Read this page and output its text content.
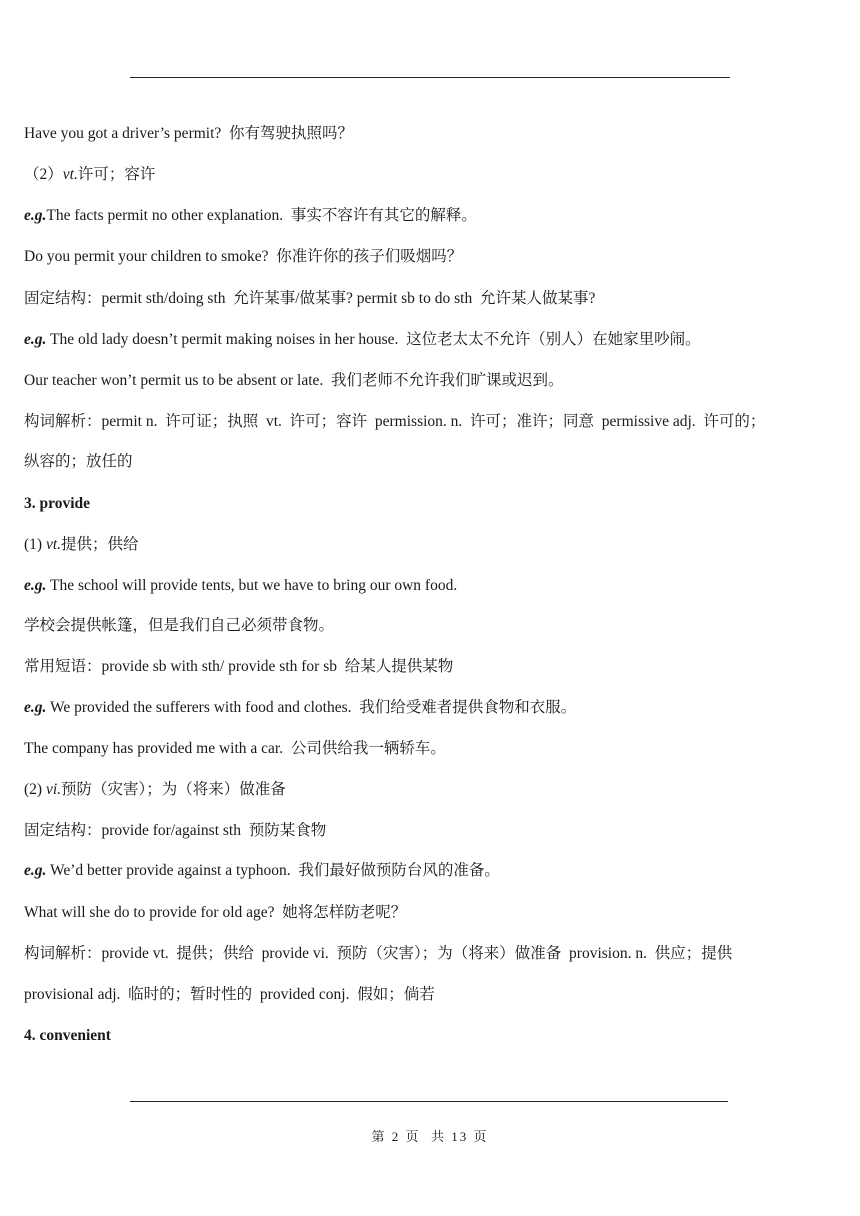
Have you got a driver’s permit?  你有驾驶执照吗？
（2）vt.许可；容许
e.g.The facts permit no other explanation.  事实不容许有其它的解释。
Do you permit your children to smoke?  你准许你的孩子们吸烟吗？
固定结构：permit sth/doing sth  允许某事/做某事? permit sb to do sth  允许某人做某事?
e.g. The old lady doesn’t permit making noises in her house.  这位老太太不允许（别人）在她家里吵闹。
Our teacher won’t permit us to be absent or late.  我们老师不允许我们旷课或迟到。
构词解析：permit n.  许可证；执照  vt.  许可；容许  permission. n.  许可；准许；同意  permissive adj.  许可的；
纵容的；放任的
3. provide
(1) vt.提供；供给
e.g. The school will provide tents, but we have to bring our own food.
学校会提供帐篷，但是我们自己必须带食物。
常用短语：provide sb with sth/ provide sth for sb  给某人提供某物
e.g. We provided the sufferers with food and clothes.  我们给受难者提供食物和衣服。
The company has provided me with a car.  公司供给我一辆轿车。
(2) vi.预防（灾害）；为（将来）做准备
固定结构：provide for/against sth  预防某食物
e.g. We’d better provide against a typhoon.  我们最好做预防台风的准备。
What will she do to provide for old age?  她将怎样防老呢？
构词解析：provide vt.  提供；供给  provide vi.  预防（灾害）；为（将来）做准备  provision. n.  供应；提供
provisional adj.  临时的；暂时性的  provided conj.  假如；倘若
4. convenient
第 2 页  共 13 页
